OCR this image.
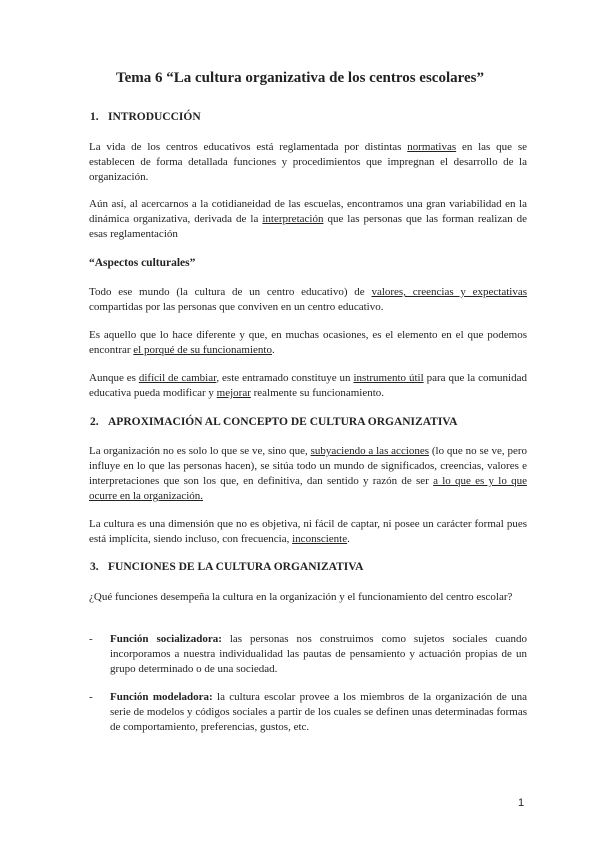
Tema 6 “La cultura organizativa de los centros escolares”
1. INTRODUCCIÓN

La vida de los centros educativos está reglamentada por distintas normativas en las que se establecen de forma detallada funciones y procedimientos que impregnan el desarrollo de la organización.

Aún así, al acercarnos a la cotidianeidad de las escuelas, encontramos una gran variabilidad en la dinámica organizativa, derivada de la interpretación que las personas que las forman realizan de esas reglamentación

“Aspectos culturales”

Todo ese mundo (la cultura de un centro educativo) de valores, creencias y expectativas compartidas por las personas que conviven en un centro educativo.

Es aquello que lo hace diferente y que, en muchas ocasiones, es el elemento en el que podemos encontrar el porqué de su funcionamiento.

Aunque es difícil de cambiar, este entramado constituye un instrumento útil para que la comunidad educativa pueda modificar y mejorar realmente su funcionamiento.

2. APROXIMACIÓN AL CONCEPTO DE CULTURA ORGANIZATIVA

La organización no es solo lo que se ve, sino que, subyaciendo a las acciones (lo que no se ve, pero influye en lo que las personas hacen), se sitúa todo un mundo de significados, creencias, valores e interpretaciones que son los que, en definitiva, dan sentido y razón de ser a lo que es y lo que ocurre en la organización.

La cultura es una dimensión que no es objetiva, ni fácil de captar, ni posee un carácter formal pues está implícita, siendo incluso, con frecuencia, inconsciente.

3. FUNCIONES DE LA CULTURA ORGANIZATIVA

¿Qué funciones desempeña la cultura en la organización y el funcionamiento del centro escolar?

- Función socializadora: las personas nos construimos como sujetos sociales cuando incorporamos a nuestra individualidad las pautas de pensamiento y actuación propias de un grupo determinado o de una sociedad.

- Función modeladora: la cultura escolar provee a los miembros de la organización de una serie de modelos y códigos sociales a partir de los cuales se definen unas determinadas formas de comportamiento, preferencias, gustos, etc.

1
